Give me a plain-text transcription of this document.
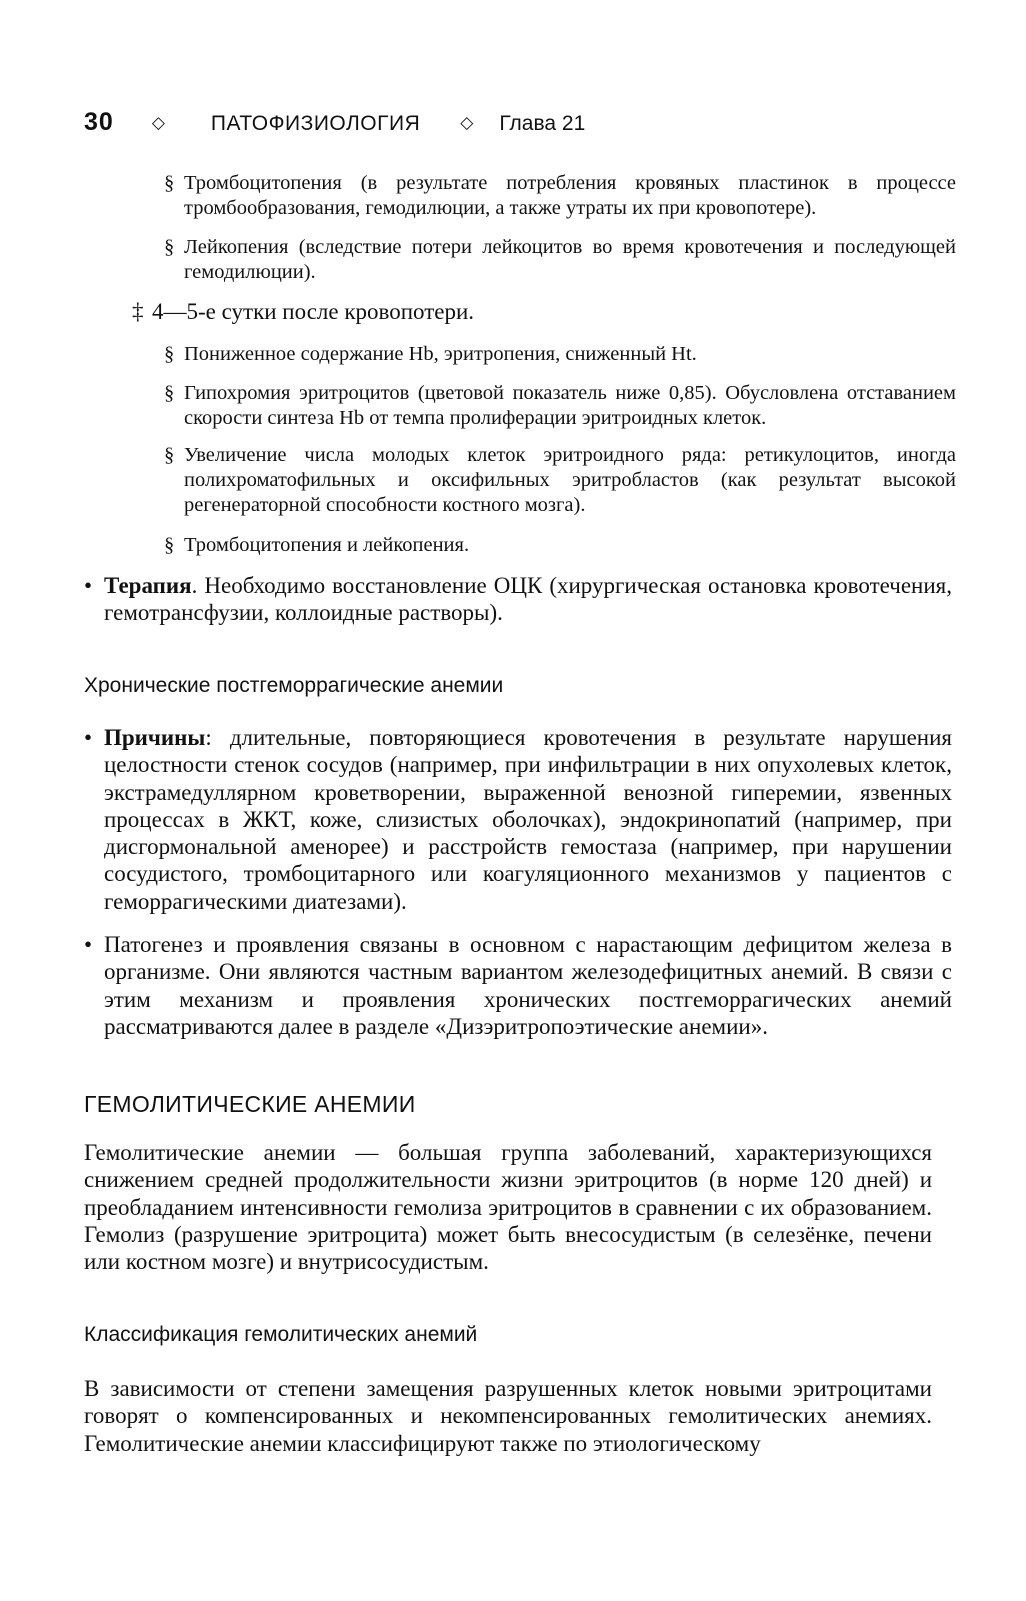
30 ◇ ПАТОФИЗИОЛОГИЯ ◇ Глава 21
§ Тромбоцитопения (в результате потребления кровяных пластинок в процессе тромбообразования, гемодилюции, а также утраты их при кровопотере).
§ Лейкопения (вследствие потери лейкоцитов во время кровотечения и последующей гемодилюции).
‡ 4—5-е сутки после кровопотери.
§ Пониженное содержание Hb, эритропения, сниженный Ht.
§ Гипохромия эритроцитов (цветовой показатель ниже 0,85). Обусловлена отставанием скорости синтеза Hb от темпа пролиферации эритроидных клеток.
§ Увеличение числа молодых клеток эритроидного ряда: ретикулоцитов, иногда полихроматофильных и оксифильных эритробластов (как результат высокой регенераторной способности костного мозга).
§ Тромбоцитопения и лейкопения.
• Терапия. Необходимо восстановление ОЦК (хирургическая остановка кровотечения, гемотрансфузии, коллоидные растворы).
Хронические постгеморрагические анемии
• Причины: длительные, повторяющиеся кровотечения в результате нарушения целостности стенок сосудов (например, при инфильтрации в них опухолевых клеток, экстрамедуллярном кроветворении, выраженной венозной гиперемии, язвенных процессах в ЖКТ, коже, слизистых оболочках), эндокринопатий (например, при дисгормональной аменорее) и расстройств гемостаза (например, при нарушении сосудистого, тромбоцитарного или коагуляционного механизмов у пациентов с геморрагическими диатезами).
• Патогенез и проявления связаны в основном с нарастающим дефицитом железа в организме. Они являются частным вариантом железодефицитных анемий. В связи с этим механизм и проявления хронических постгеморрагических анемий рассматриваются далее в разделе «Дизэритропоэтические анемии».
ГЕМОЛИТИЧЕСКИЕ АНЕМИИ
Гемолитические анемии — большая группа заболеваний, характеризующихся снижением средней продолжительности жизни эритроцитов (в норме 120 дней) и преобладанием интенсивности гемолиза эритроцитов в сравнении с их образованием. Гемолиз (разрушение эритроцита) может быть внесосудистым (в селезёнке, печени или костном мозге) и внутрисосудистым.
Классификация гемолитических анемий
В зависимости от степени замещения разрушенных клеток новыми эритроцитами говорят о компенсированных и некомпенсированных гемолитических анемиях. Гемолитические анемии классифицируют также по этиологическому
